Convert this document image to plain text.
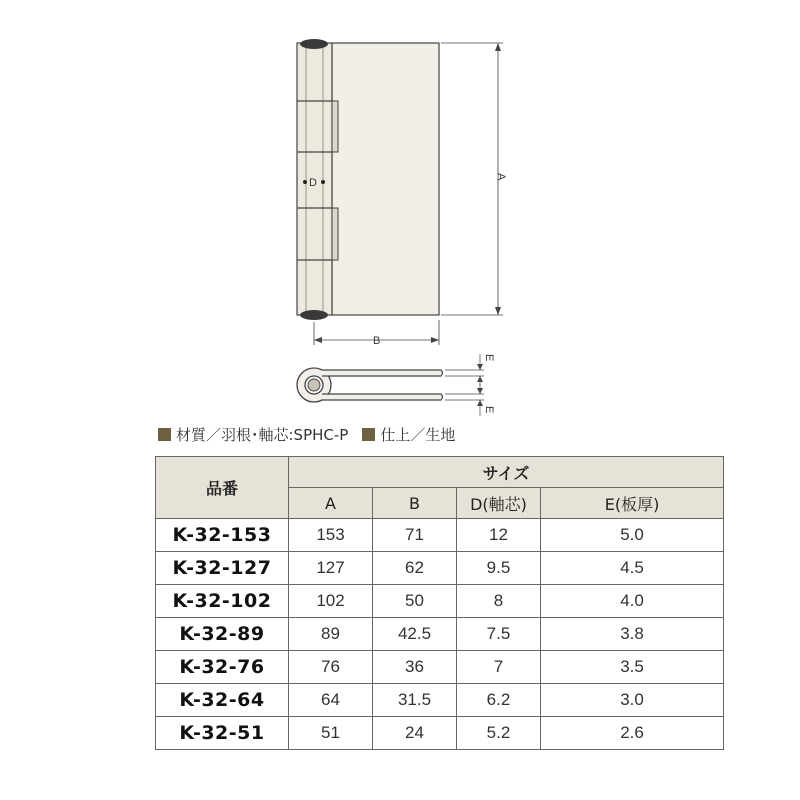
D
A
B
E
E
材質／羽根･軸芯:SPHC-P 仕上／生地
品番	サイズ			
	A	B	D(軸芯)	E(板厚)
K-32-153	153	71	12	5.0
K-32-127	127	62	9.5	4.5
K-32-102	102	50	8	4.0
K-32-89	89	42.5	7.5	3.8
K-32-76	76	36	7	3.5
K-32-64	64	31.5	6.2	3.0
K-32-51	51	24	5.2	2.6
